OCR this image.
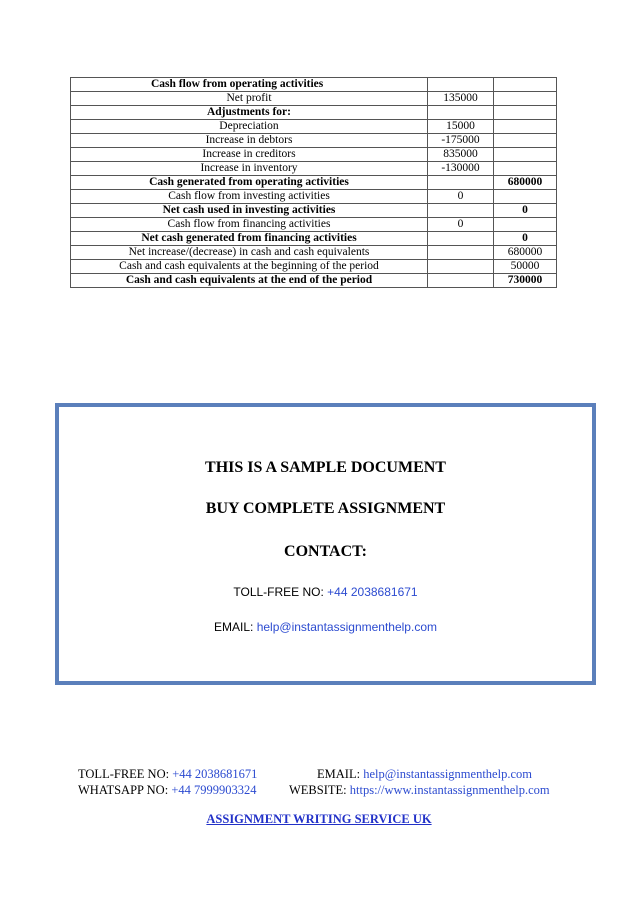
Cash flow from operating activities		
Net profit	135000	
Adjustments for:		
Depreciation	15000	
Increase in debtors	-175000	
Increase in creditors	835000	
Increase in inventory	-130000	
Cash generated from operating activities		680000
Cash flow from investing activities	0	
Net cash used in investing activities		0
Cash flow from financing activities	0	
Net cash generated from financing activities		0
Net increase/(decrease) in cash and cash equivalents		680000
Cash and cash equivalents at the beginning of the period		50000
Cash and cash equivalents at the end of the period		730000
THIS IS A SAMPLE DOCUMENT
BUY COMPLETE ASSIGNMENT
CONTACT:
TOLL-FREE NO: +44 2038681671
EMAIL: help@instantassignmenthelp.com
TOLL-FREE NO: +44 2038681671	EMAIL: help@instantassignmenthelp.com
WHATSAPP NO: +44 7999903324	WEBSITE: https://www.instantassignmenthelp.com
ASSIGNMENT WRITING SERVICE UK
